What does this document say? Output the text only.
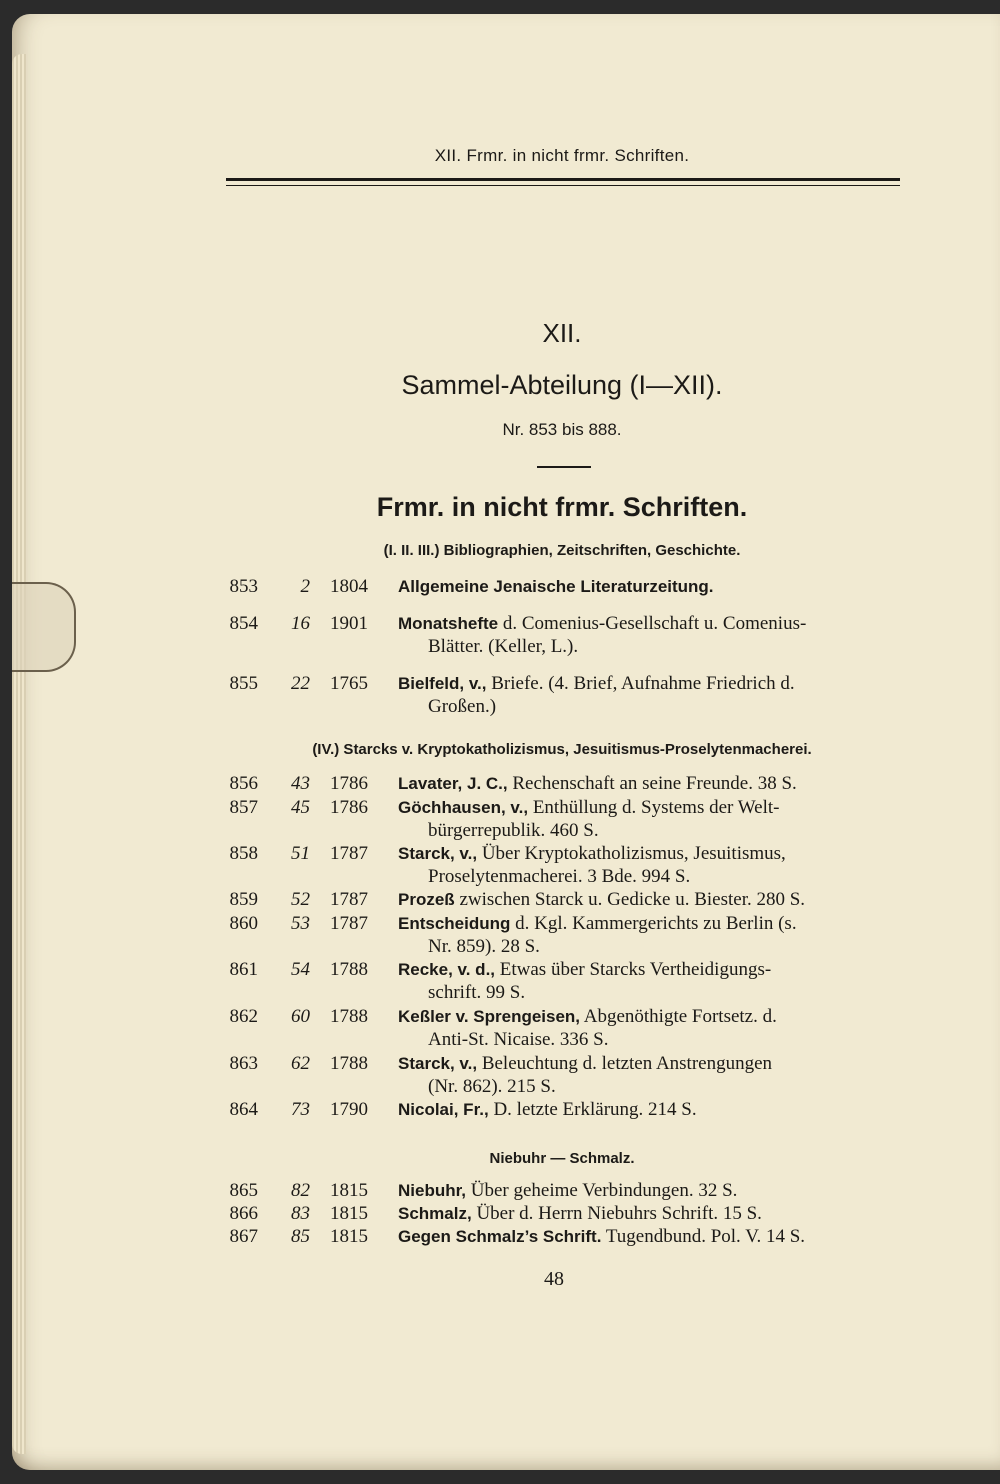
XII. Frmr. in nicht frmr. Schriften.
XII.
Sammel-Abteilung (I—XII).
Nr. 853 bis 888.
Frmr. in nicht frmr. Schriften.
(I. II. III.) Bibliographien, Zeitschriften, Geschichte.
(IV.) Starcks v. Kryptokatholizismus, Jesuitismus-Proselytenmacherei.
Niebuhr — Schmalz.
853	2 1804	Allgemeine Jenaische Literaturzeitung.
854	16 1901	Monatshefte d. Comenius-Gesellschaft u. Comenius-
Blätter. (Keller, L.).
855	22 1765	Bielfeld, v., Briefe. (4. Brief, Aufnahme Friedrich d.
Großen.)
856	43 1786	Lavater, J. C., Rechenschaft an seine Freunde. 38 S.
857	45 1786	Göchhausen, v., Enthüllung d. Systems der Welt-
bürgerrepublik. 460 S.
858	51 1787	Starck, v., Über Kryptokatholizismus, Jesuitismus,
Proselytenmacherei. 3 Bde. 994 S.
859	52 1787	Prozeß zwischen Starck u. Gedicke u. Biester. 280 S.
860	53 1787	Entscheidung d. Kgl. Kammergerichts zu Berlin (s.
Nr. 859). 28 S.
861	54 1788	Recke, v. d., Etwas über Starcks Vertheidigungs-
schrift. 99 S.
862	60 1788	Keßler v. Sprengeisen, Abgenöthigte Fortsetz. d.
Anti-St. Nicaise. 336 S.
863	62 1788	Starck, v., Beleuchtung d. letzten Anstrengungen
(Nr. 862). 215 S.
864	73 1790	Nicolai, Fr., D. letzte Erklärung. 214 S.
865	82 1815	Niebuhr, Über geheime Verbindungen. 32 S.
866	83 1815	Schmalz, Über d. Herrn Niebuhrs Schrift. 15 S.
867	85 1815	Gegen Schmalz’s Schrift. Tugendbund. Pol. V. 14 S.
48
